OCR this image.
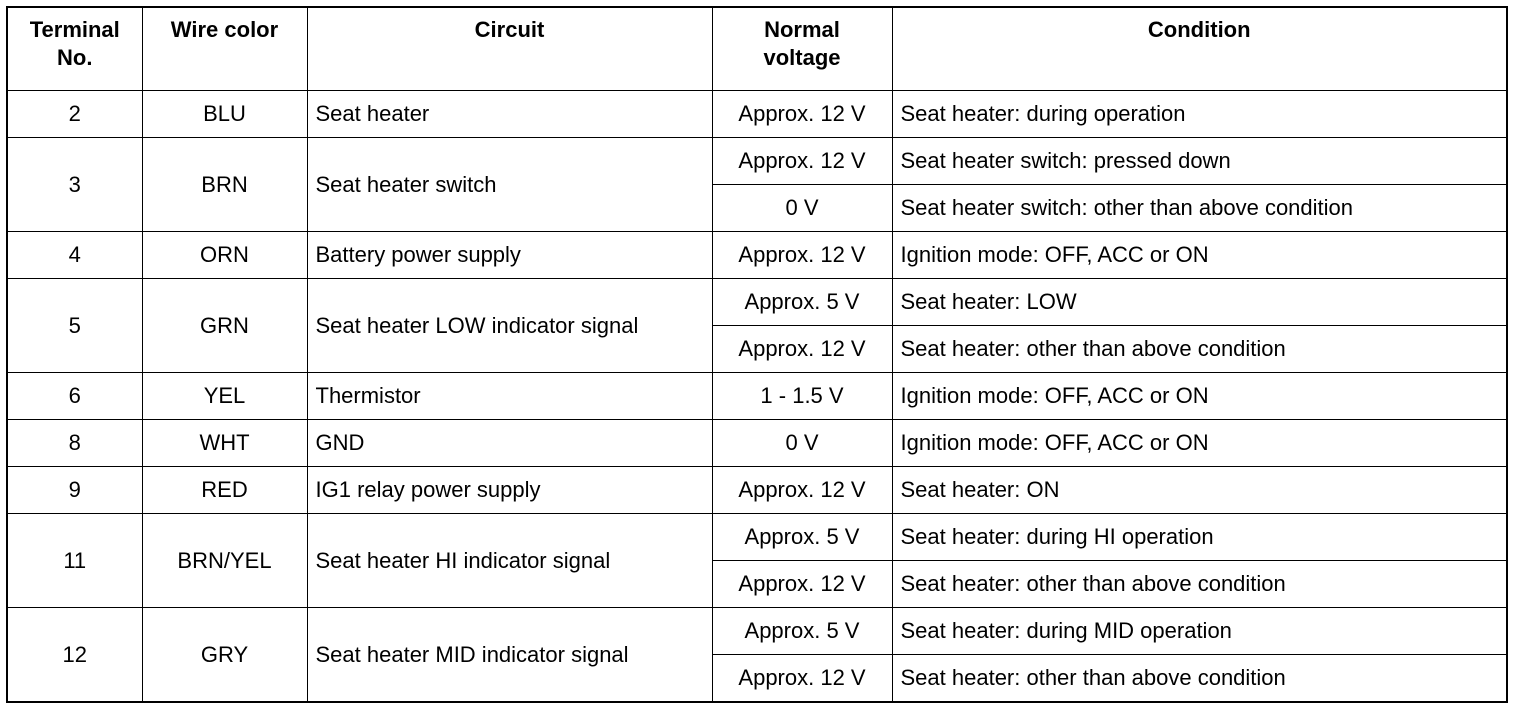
Terminal No.	Wire color	Circuit	Normal voltage	Condition
2	BLU	Seat heater	Approx. 12 V	Seat heater: during operation
3	BRN	Seat heater switch	Approx. 12 V	Seat heater switch: pressed down
			0 V	Seat heater switch: other than above condition
4	ORN	Battery power supply	Approx. 12 V	Ignition mode: OFF, ACC or ON
5	GRN	Seat heater LOW indicator signal	Approx. 5 V	Seat heater: LOW
			Approx. 12 V	Seat heater: other than above condition
6	YEL	Thermistor	1 - 1.5 V	Ignition mode: OFF, ACC or ON
8	WHT	GND	0 V	Ignition mode: OFF, ACC or ON
9	RED	IG1 relay power supply	Approx. 12 V	Seat heater: ON
11	BRN/YEL	Seat heater HI indicator signal	Approx. 5 V	Seat heater: during HI operation
			Approx. 12 V	Seat heater: other than above condition
12	GRY	Seat heater MID indicator signal	Approx. 5 V	Seat heater: during MID operation
			Approx. 12 V	Seat heater: other than above condition
